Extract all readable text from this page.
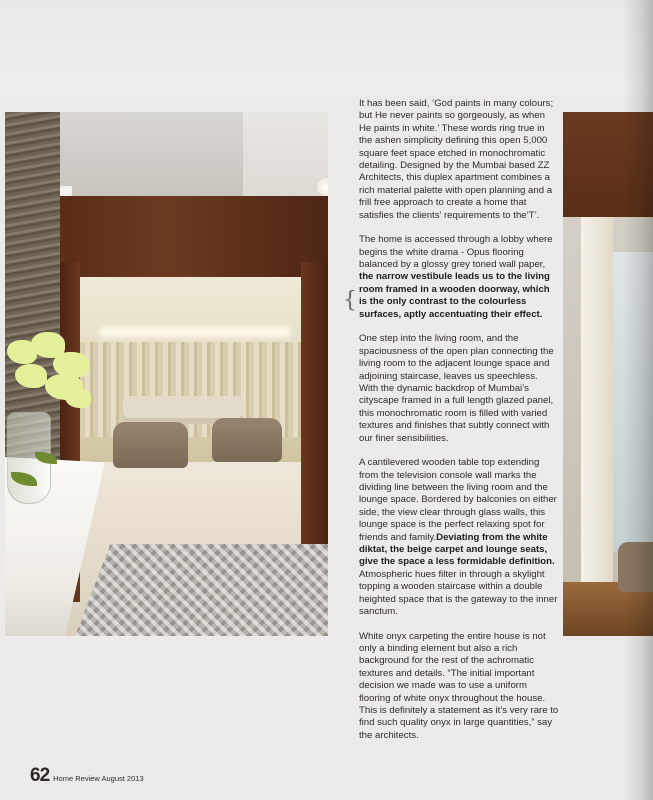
{

It has been said, ‘God paints in many colours; but He never paints so gorgeously, as when He paints in white.’ These words ring true in the ashen simplicity defining this open 5,000 square feet space etched in monochromatic detailing. Designed by the Mumbai based ZZ Architects, this duplex apartment combines a rich material palette with open planning and a frill free approach to create a home that satisfies the clients’ requirements to the’T’.

The home is accessed through a lobby where begins the white drama - Opus flooring balanced by a glossy grey toned wall paper, the narrow vestibule leads us to the living room framed in a wooden doorway, which is the only contrast to the colourless surfaces, aptly accentuating their effect.

One step into the living room, and the spaciousness of the open plan connecting the living room to the adjacent lounge space and adjoining staircase, leaves us speechless. With the dynamic backdrop of Mumbai’s cityscape framed in a full length glazed panel, this monochromatic room is filled with varied textures and finishes that subtly connect with our finer sensibilities.

A cantilevered wooden table top extending from the television console wall marks the dividing line between the living room and the lounge space. Bordered by balconies on either side, the view clear through glass walls, this lounge space is the perfect relaxing spot for friends and family.Deviating from the white diktat, the beige carpet and lounge seats, give the space a less formidable definition. Atmospheric hues filter in through a skylight topping a wooden staircase within a double heighted space that is the gateway to the inner sanctum.

White onyx carpeting the entire house is not only a binding element but also a rich background for the rest of the achromatic textures and details. “The initial important decision we made was to use a uniform flooring of white onyx throughout the house. This is definitely a statement as it’s very rare to find such quality onyx in large quantities,” say the architects.

62 Home Review August 2013
